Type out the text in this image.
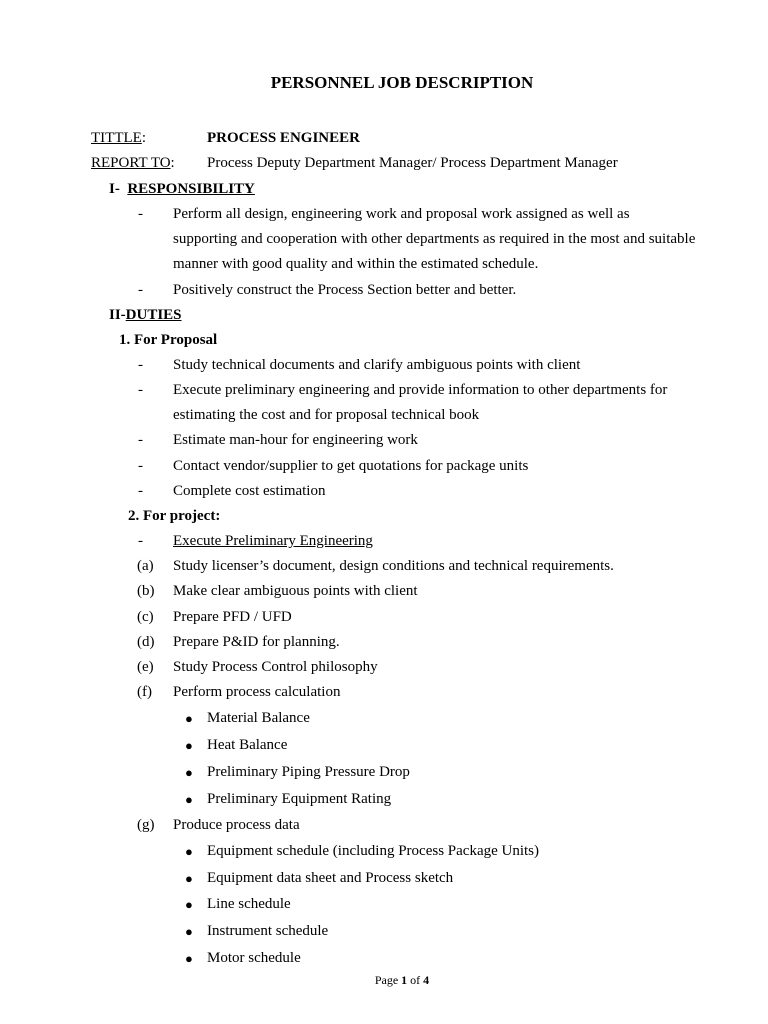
PERSONNEL JOB DESCRIPTION
TITTLE:	PROCESS ENGINEER
REPORT TO: Process Deputy Department Manager/ Process Department Manager
I- RESPONSIBILITY
- Perform all design, engineering work and proposal work assigned as well as
supporting and cooperation with other departments as required in the most and suitable
manner with good quality and within the estimated schedule.
- Positively construct the Process Section better and better.
II-DUTIES
1. For Proposal
- Study technical documents and clarify ambiguous points with client
- Execute preliminary engineering and provide information to other departments for
estimating the cost and for proposal technical book
- Estimate man-hour for engineering work
- Contact vendor/supplier to get quotations for package units
- Complete cost estimation
2. For project:
- Execute Preliminary Engineering
(a) Study licenser’s document, design conditions and technical requirements.
(b) Make clear ambiguous points with client
(c) Prepare PFD / UFD
(d) Prepare P&ID for planning.
(e) Study Process Control philosophy
(f) Perform process calculation
● Material Balance
● Heat Balance
● Preliminary Piping Pressure Drop
● Preliminary Equipment Rating
(g) Produce process data
● Equipment schedule (including Process Package Units)
● Equipment data sheet and Process sketch
● Line schedule
● Instrument schedule
● Motor schedule
Page 1 of 4
